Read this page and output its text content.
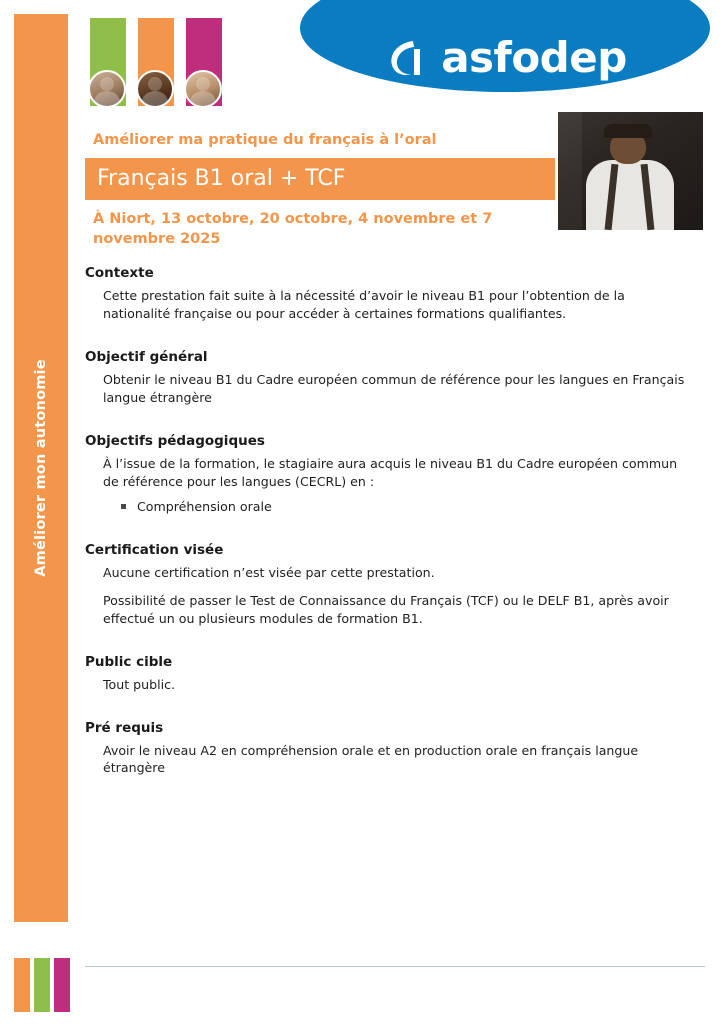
Améliorer mon autonomie
asfodep
Améliorer ma pratique du français à l’oral
Français B1 oral + TCF
À Niort, 13 octobre, 20 octobre, 4 novembre et 7 novembre 2025
Contexte

Cette prestation fait suite à la nécessité d’avoir le niveau B1 pour l’obtention de la nationalité française ou pour accéder à certaines formations qualifiantes.

Objectif général

Obtenir le niveau B1 du Cadre européen commun de référence pour les langues en Français langue étrangère

Objectifs pédagogiques

À l’issue de la formation, le stagiaire aura acquis le niveau B1 du Cadre européen commun de référence pour les langues (CECRL) en :

Compréhension orale
Certification visée

Aucune certification n’est visée par cette prestation.

Possibilité de passer le Test de Connaissance du Français (TCF) ou le DELF B1, après avoir effectué un ou plusieurs modules de formation B1.

Public cible

Tout public.

Pré requis

Avoir le niveau A2 en compréhension orale et en production orale en français langue étrangère
